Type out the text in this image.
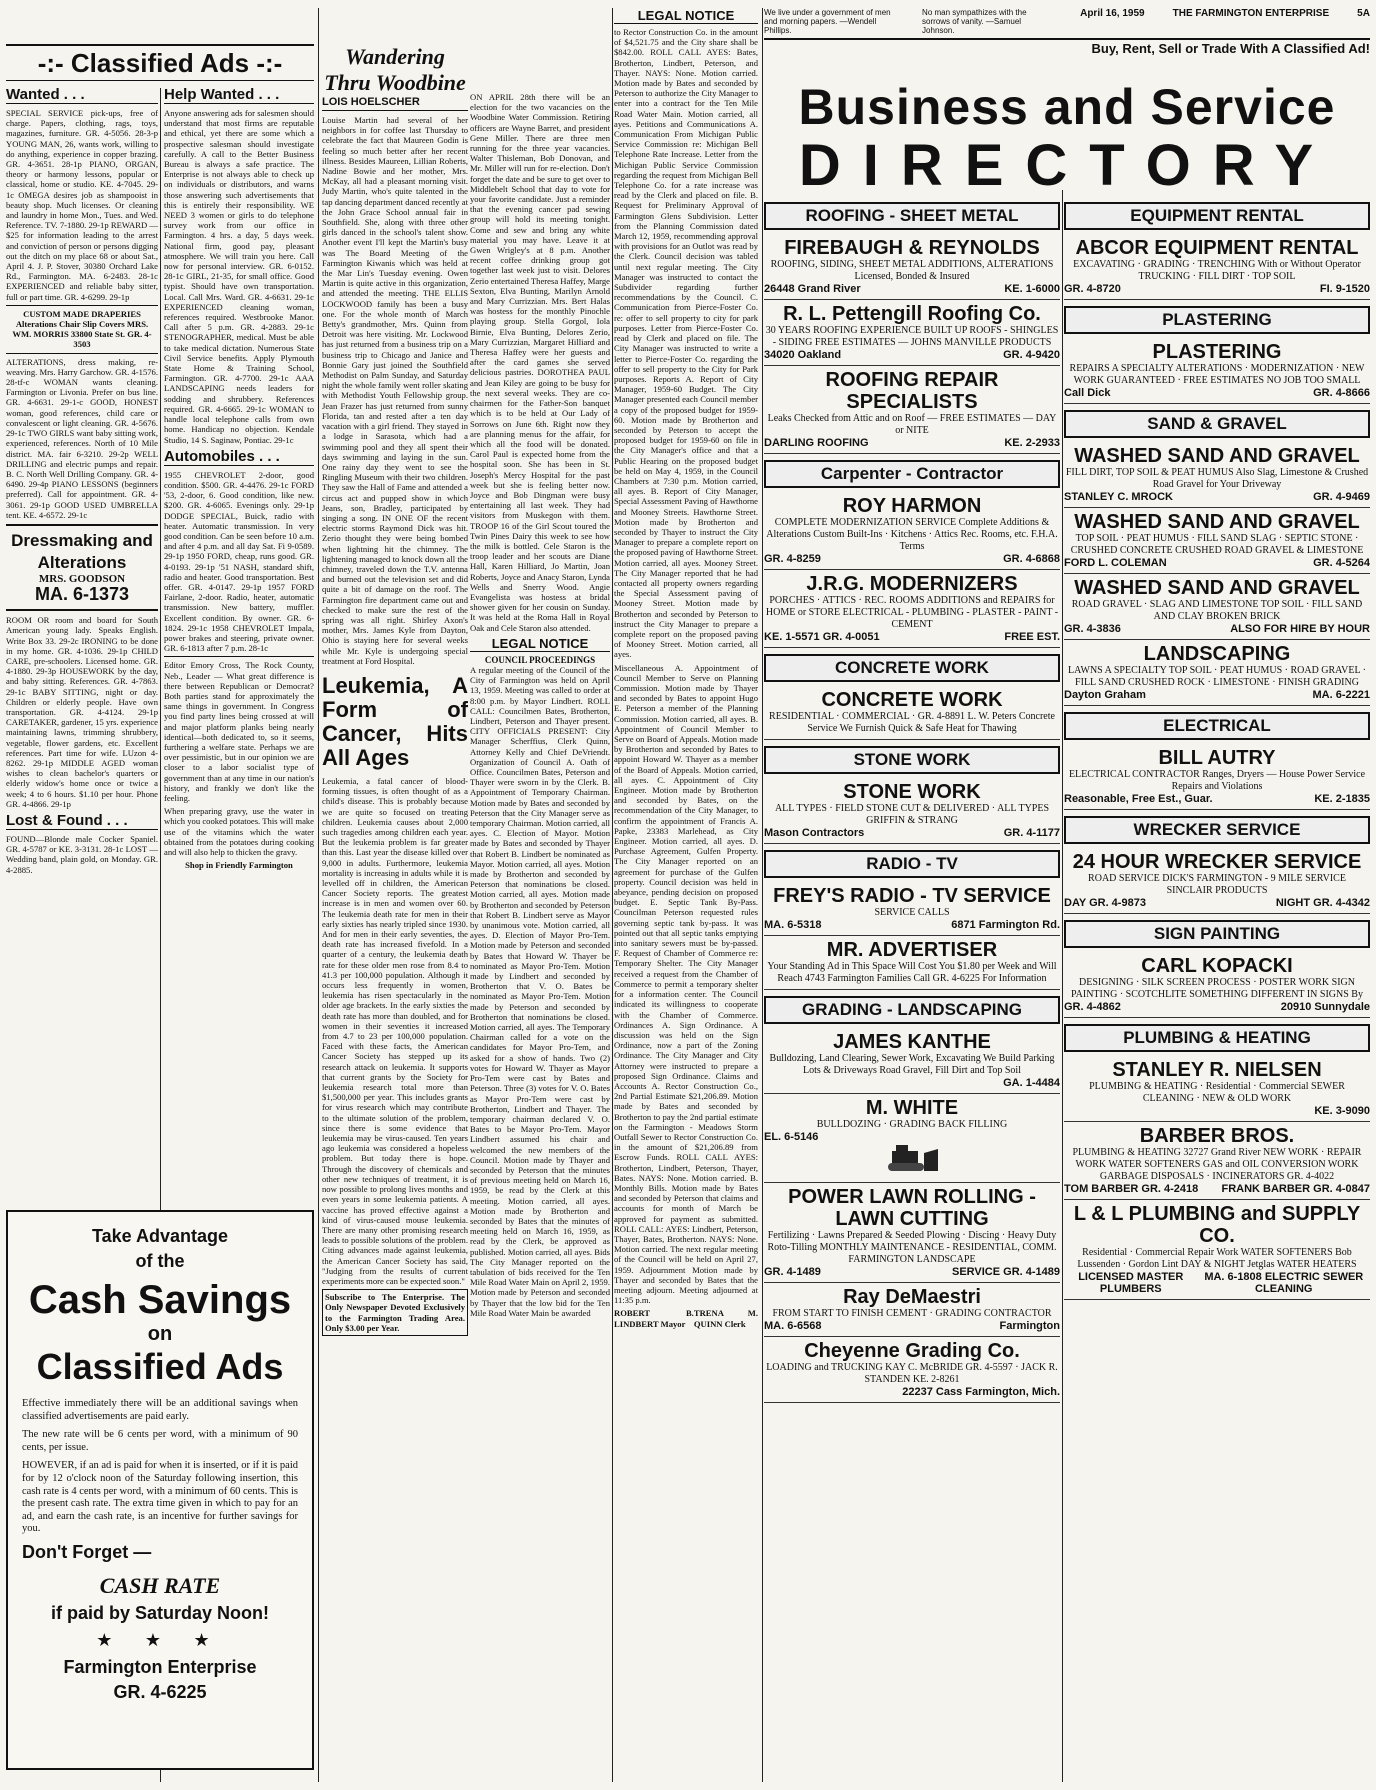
We live under a government of men and morning papers. —Wendell Phillips.
No man sympathizes with the sorrows of vanity. —Samuel Johnson.
April 16, 1959	THE FARMINGTON ENTERPRISE	5A
Buy, Rent, Sell or Trade With A Classified Ad!
-:- Classified Ads -:-
Wanted . . .

SPECIAL SERVICE pick-ups, free of charge. Papers, clothing, rags, toys, magazines, furniture. GR. 4-5056. 28-3-p YOUNG MAN, 26, wants work, willing to do anything, experience in copper brazing. GR. 4-3651. 28-1p PIANO, ORGAN, theory or harmony lessons, popular or classical, home or studio. KE. 4-7045. 29-1c OMEGA desires job as shampooist in beauty shop. Much licenses. Or cleaning and laundry in home Mon., Tues. and Wed. Reference. TV. 7-1880. 29-1p REWARD — $25 for information leading to the arrest and conviction of person or persons digging out the ditch on my place 68 or about Sat., April 4. J. P. Stover, 30380 Orchard Lake Rd., Farmington. MA. 6-2483. 28-1c EXPERIENCED and reliable baby sitter, full or part time. GR. 4-6299. 29-1p

CUSTOM MADE DRAPERIES Alterations Chair Slip Covers MRS. WM. MORRIS 33800 State St. GR. 4-3503

ALTERATIONS, dress making, re-weaving. Mrs. Harry Garchow. GR. 4-1576. 28-tf-c WOMAN wants cleaning. Farmington or Livonia. Prefer on bus line. GR. 4-6631. 29-1-c GOOD, HONEST woman, good references, child care or convalescent or light cleaning. GR. 4-5676. 29-1c TWO GIRLS want baby sitting work, experienced, references. North of 10 Mile district. MA. fair 6-3210. 29-2p WELL DRILLING and electric pumps and repair. B. C. North Well Drilling Company. GR. 4-6490. 29-4p PIANO LESSONS (beginners preferred). Call for appointment. GR. 4-3061. 29-1p GOOD USED UMBRELLA tent. KE. 4-6572. 29-1c

Dressmaking and Alterations
MRS. GOODSON
MA. 6-1373

ROOM OR room and board for South American young lady. Speaks English. Write Box 33. 29-2c IRONING to be done in my home. GR. 4-1036. 29-1p CHILD CARE, pre-schoolers. Licensed home. GR. 4-1880. 29-3p HOUSEWORK by the day, and baby sitting. References. GR. 4-7863. 29-1c BABY SITTING, night or day. Children or elderly people. Have own transportation. GR. 4-4124. 29-1p CARETAKER, gardener, 15 yrs. experience maintaining lawns, trimming shrubbery, vegetable, flower gardens, etc. Excellent references. Part time for wife. LUzon 4-8262. 29-1p MIDDLE AGED woman wishes to clean bachelor's quarters or elderly widow's home once or twice a week; 4 to 6 hours. $1.10 per hour. Phone GR. 4-4866. 29-1p

Lost & Found . . .

FOUND—Blonde male Cocker Spaniel. GR. 4-5787 or KE. 3-3131. 28-1c LOST — Wedding band, plain gold, on Monday. GR. 4-2885.

Help Wanted . . .

Anyone answering ads for salesmen should understand that most firms are reputable and ethical, yet there are some which a prospective salesman should investigate carefully. A call to the Better Business Bureau is always a safe practice. The Enterprise is not always able to check up on individuals or distributors, and warns those answering such advertisements that this is entirely their responsibility. WE NEED 3 women or girls to do telephone survey work from our office in Farmington. 4 hrs. a day, 5 days week. National firm, good pay, pleasant atmosphere. We will train you here. Call now for personal interview. GR. 6-0152. 28-1c GIRL, 21-35, for small office. Good typist. Should have own transportation. Local. Call Mrs. Ward. GR. 4-6631. 29-1c EXPERIENCED cleaning woman, references required. Westbrooke Manor. Call after 5 p.m. GR. 4-2883. 29-1c STENOGRAPHER, medical. Must be able to take medical dictation. Numerous State Civil Service benefits. Apply Plymouth State Home & Training School, Farmington. GR. 4-7700. 29-1c AAA LANDSCAPING needs leaders for sodding and shrubbery. References required. GR. 4-6665. 29-1c WOMAN to handle local telephone calls from own home. Handicap no objection. Kendale Studio, 14 S. Saginaw, Pontiac. 29-1c

Automobiles . . .

1955 CHEVROLET 2-door, good condition. $500. GR. 4-4476. 29-1c FORD '53, 2-door, 6. Good condition, like new. $200. GR. 4-6065. Evenings only. 29-1p DODGE SPECIAL, Buick, radio with heater. Automatic transmission. In very good condition. Can be seen before 10 a.m. and after 4 p.m. and all day Sat. Fi 9-0589. 29-1p 1950 FORD, cheap, runs good. GR. 4-0193. 29-1p '51 NASH, standard shift, radio and heater. Good transportation. Best offer. GR. 4-0147. 29-1p 1957 FORD Fairlane, 2-door. Radio, heater, automatic transmission. New battery, muffler. Excellent condition. By owner. GR. 6-1824. 29-1c 1958 CHEVROLET Impala, power brakes and steering, private owner. GR. 6-1813 after 7 p.m. 28-1c

Editor Emory Cross, The Rock County, Neb., Leader — What great difference is there between Republican or Democrat? Both parties stand for approximately the same things in government. In Congress you find party lines being crossed at will and major platform planks being nearly identical—both dedicated to, so it seems, furthering a welfare state. Perhaps we are over pessimistic, but in our opinion we are closer to a labor socialist type of government than at any time in our nation's history, and frankly we don't like the feeling.

When preparing gravy, use the water in which you cooked potatoes. This will make use of the vitamins which the water obtained from the potatoes during cooking and will also help to thicken the gravy.

Shop in Friendly Farmington

Take Advantage
of the
Cash Savings
on
Classified Ads

Effective immediately there will be an additional savings when classified advertisements are paid early.

The new rate will be 6 cents per word, with a minimum of 90 cents, per issue.

HOWEVER, if an ad is paid for when it is inserted, or if it is paid for by 12 o'clock noon of the Saturday following insertion, this cash rate is 4 cents per word, with a minimum of 60 cents. This is the present cash rate. The extra time given in which to pay for an ad, and earn the cash rate, is an incentive for further savings for you.

Don't Forget —
CASH RATE
if paid by Saturday Noon!
★ ★ ★
Farmington Enterprise
GR. 4-6225
Wandering Thru Woodbine
LOIS HOELSCHER

Louise Martin had several of her neighbors in for coffee last Thursday to celebrate the fact that Maureen Godin is feeling so much better after her recent illness. Besides Maureen, Lillian Roberts, Nadine Bowie and her mother, Mrs. McKay, all had a pleasant morning visit. Judy Martin, who's quite talented in the tap dancing department danced recently at the John Grace School annual fair in Southfield. She, along with three other girls danced in the school's talent show. Another event I'll kept the Martin's busy was The Board Meeting of the Farmington Kiwanis which was held at the Mar Lin's Tuesday evening. Owen Martin is quite active in this organization, and attended the meeting. THE ELLIS LOCKWOOD family has been a busy one. For the whole month of March Betty's grandmother, Mrs. Quinn from Detroit was here visiting. Mr. Lockwood has just returned from a business trip on a business trip to Chicago and Janice and Bonnie Gary just joined the Southfield Methodist on Palm Sunday, and Saturday night the whole family went roller skating with Methodist Youth Fellowship group. Jean Frazer has just returned from sunny Florida, tan and rested after a ten day vacation with a girl friend. They stayed in a lodge in Sarasota, which had a swimming pool and they all spent their days swimming and laying in the sun. One rainy day they went to see the Ringling Museum with their two children. They saw the Hall of Fame and attended a circus act and pupped show in which Jeans, son, Bradley, participated by singing a song. IN ONE OF the recent electric storms Raymond Dick was hit. Zerio thought they were being bombed when lightning hit the chimney. The lightening managed to knock down all the chimney, traveled down the T.V. antenna and burned out the television set and did quite a bit of damage on the roof. The Farmington fire department came out and checked to make sure the rest of the spring was all right. Shirley Axon's mother, Mrs. James Kyle from Dayton, Ohio is staying here for several weeks while Mr. Kyle is undergoing special treatment at Ford Hospital.

Leukemia, A Form of Cancer, Hits All Ages

Leukemia, a fatal cancer of blood-forming tissues, is often thought of as a child's disease. This is probably because we are quite so focused on treating children. Leukemia causes about 2,000 such tragedies among children each year. But the leukemia problem is far greater than this. Last year the disease killed over 9,000 in adults. Furthermore, leukemia mortality is increasing in adults while it is levelled off in children, the American Cancer Society reports. The greatest increase is in men and women over 60. The leukemia death rate for men in their early sixties has nearly tripled since 1930. And for men in their early seventies, the death rate has increased fivefold. In a quarter of a century, the leukemia death rate for these older men rose from 8.4 to 41.3 per 100,000 population. Although it occurs less frequently in women, leukemia has risen spectacularly in the older age brackets. In the early sixties the death rate has more than doubled, and for women in their seventies it increased from 4.7 to 23 per 100,000 population. Faced with these facts, the American Cancer Society has stepped up its research attack on leukemia. It supports that current grants by the Society for leukemia research total more than $1,500,000 per year. This includes grants for virus research which may contribute to the ultimate solution of the problem, since there is some evidence that leukemia may be virus-caused. Ten years ago leukemia was considered a hopeless problem. But today there is hope. Through the discovery of chemicals and other new techniques of treatment, it is now possible to prolong lives months and even years in some leukemia patients. A vaccine has proved effective against a kind of virus-caused mouse leukemia. There are many other promising research leads to possible solutions of the problem. Citing advances made against leukemia, the American Cancer Society has said, "Judging from the results of current experiments more can be expected soon."

Subscribe to The Enterprise. The Only Newspaper Devoted Exclusively to the Farmington Trading Area. Only $3.00 per Year.

ON APRIL 28th there will be an election for the two vacancies on the Woodbine Water Commission. Retiring officers are Wayne Barret, and president Gene Miller. There are three men running for the three year vacancies. Walter Thisleman, Bob Donovan, and Mr. Miller will run for re-election. Don't forget the date and be sure to get over to Middlebelt School that day to vote for your favorite candidate. Just a reminder that the evening cancer pad sewing group will hold its meeting tonight. Come and sew and bring any white material you may have. Leave it at Gwen Wrigley's at 8 p.m. Another recent coffee drinking group got together last week just to visit. Delores Zerio entertained Theresa Haffey, Marge Sexton, Elva Bunting, Marilyn Arnold and Mary Currizzian. Mrs. Bert Halas was hostess for the monthly Pinochle playing group. Stella Gorgol, Iola Birnie, Elva Bunting, Delores Zerio, Mary Currizzian, Margaret Hilliard and Theresa Haffey were her guests and after the card games she served delicious pastries. DOROTHEA PAUL and Jean Kiley are going to be busy for the next several weeks. They are co-chairmen for the Father-Son banquet which is to be held at Our Lady of Sorrows on June 6th. Right now they are planning menus for the affair, for which all the food will be donated. Carol Paul is expected home from the hospital soon. She has been in St. Joseph's Mercy Hospital for the past week but she is feeling better now. Joyce and Bob Dingman were busy entertaining all last week. They had visitors from Muskegon with them. TROOP 16 of the Girl Scout toured the Twin Pines Dairy this week to see how the milk is bottled. Cele Staron is the troop leader and her scouts are Diane Hall, Karen Hilliard, Jo Martin, Joan Roberts, Joyce and Anacy Staron, Lynda Wells and Snerry Wood. Angie Evangelista was hostess at bridal shower given for her cousin on Sunday. It was held at the Roma Hall in Royal Oak and Cele Staron also attended.

LEGAL NOTICE
COUNCIL PROCEEDINGS

A regular meeting of the Council of the City of Farmington was held on April 13, 1959. Meeting was called to order at 8:00 p.m. by Mayor Lindbert. ROLL CALL: Councilmen Bates, Brotherton, Lindbert, Peterson and Thayer present. CITY OFFICIALS PRESENT: City Manager Scherffius, Clerk Quinn, Attorney Kelly and Chief DeVriendt. Organization of Council A. Oath of Office. Councilmen Bates, Peterson and Thayer were sworn in by the Clerk. B. Appointment of Temporary Chairman. Motion made by Bates and seconded by Peterson that the City Manager serve as temporary Chairman. Motion carried, all ayes. C. Election of Mayor. Motion made by Bates and seconded by Thayer that Robert B. Lindbert be nominated as Mayor. Motion carried, all ayes. Motion made by Brotherton and seconded by Peterson that nominations be closed. Motion carried, all ayes. Motion made by Brotherton and seconded by Peterson that Robert B. Lindbert serve as Mayor by unanimous vote. Motion carried, all ayes. D. Election of Mayor Pro-Tem. Motion made by Peterson and seconded by Bates that Howard W. Thayer be nominated as Mayor Pro-Tem. Motion made by Lindbert and seconded by Brotherton that V. O. Bates be nominated as Mayor Pro-Tem. Motion made by Peterson and seconded by Brotherton that nominations be closed. Motion carried, all ayes. The Temporary Chairman called for a vote on the candidates for Mayor Pro-Tem, and asked for a show of hands. Two (2) votes for Howard W. Thayer as Mayor Pro-Tem were cast by Bates and Peterson. Three (3) votes for V. O. Bates as Mayor Pro-Tem were cast by Brotherton, Lindbert and Thayer. The temporary chairman declared V. O. Bates to be Mayor Pro-Tem. Mayor Lindbert assumed his chair and welcomed the new members of the Council. Motion made by Thayer and seconded by Peterson that the minutes of previous meeting held on March 16, 1959, be read by the Clerk at this meeting. Motion carried, all ayes. Motion made by Brotherton and seconded by Bates that the minutes of meeting held on March 16, 1959, as read by the Clerk, be approved as published. Motion carried, all ayes. Bids The City Manager reported on the tabulation of bids received for the Ten Mile Road Water Main on April 2, 1959. Motion made by Peterson and seconded by Thayer that the low bid for the Ten Mile Road Water Main be awarded

LEGAL NOTICE

to Rector Construction Co. in the amount of $4,521.75 and the City share shall be $842.00. ROLL CALL AYES: Bates, Brotherton, Lindbert, Peterson, and Thayer. NAYS: None. Motion carried. Motion made by Bates and seconded by Peterson to authorize the City Manager to enter into a contract for the Ten Mile Road Water Main. Motion carried, all ayes. Petitions and Communications A. Communication From Michigan Public Service Commission re: Michigan Bell Telephone Rate Increase. Letter from the Michigan Public Service Commission regarding the request from Michigan Bell Telephone Co. for a rate increase was read by the Clerk and placed on file. B. Request for Preliminary Approval of Farmington Glens Subdivision. Letter from the Planning Commission dated March 12, 1959, recommending approval with provisions for an Outlot was read by the Clerk. Council decision was tabled until next regular meeting. The City Manager was instructed to contact the Subdivider regarding further recommendations by the Council. C. Communication from Pierce-Foster Co. re: offer to sell property to city for park purposes. Letter from Pierce-Foster Co. read by Clerk and placed on file. The City Manager was instructed to write a letter to Pierce-Foster Co. regarding the offer to sell property to the City for Park purposes. Reports A. Report of City Manager, 1959-60 Budget. The City Manager presented each Council member a copy of the proposed budget for 1959-60. Motion made by Brotherton and seconded by Peterson to accept the proposed budget for 1959-60 on file in the City Manager's office and that a Public Hearing on the proposed budget be held on May 4, 1959, in the Council Chambers at 7:30 p.m. Motion carried, all ayes. B. Report of City Manager, Special Assessment Paving of Hawthorne and Mooney Streets. Hawthorne Street. Motion made by Brotherton and seconded by Thayer to instruct the City Manager to prepare a complete report on the proposed paving of Hawthorne Street. Motion carried, all ayes. Mooney Street. The City Manager reported that he had contacted all property owners regarding the Special Assessment paving of Mooney Street. Motion made by Brotherton and seconded by Peterson to instruct the City Manager to prepare a complete report on the proposed paving of Mooney Street. Motion carried, all ayes.

Miscellaneous A. Appointment of Council Member to Serve on Planning Commission. Motion made by Thayer and seconded by Bates to appoint Hugo E. Peterson a member of the Planning Commission. Motion carried, all ayes. B. Appointment of Council Member to Serve on Board of Appeals. Motion made by Brotherton and seconded by Bates to appoint Howard W. Thayer as a member of the Board of Appeals. Motion carried, all ayes. C. Appointment of City Engineer. Motion made by Brotherton and seconded by Bates, on the recommendation of the City Manager, to confirm the appointment of Francis A. Papke, 23383 Marlehead, as City Engineer. Motion carried, all ayes. D. Purchase Agreement, Gulfen Property. The City Manager reported on an agreement for purchase of the Gulfen property. Council decision was held in abeyance, pending decision on proposed budget. E. Septic Tank By-Pass. Councilman Peterson requested rules governing septic tank by-pass. It was pointed out that all septic tanks emptying into sanitary sewers must be by-passed. F. Request of Chamber of Commerce re: Temporary Shelter. The City Manager received a request from the Chamber of Commerce to permit a temporary shelter for a information center. The Council indicated its willingness to cooperate with the Chamber of Commerce. Ordinances A. Sign Ordinance. A discussion was held on the Sign Ordinance, now a part of the Zoning Ordinance. The City Manager and City Attorney were instructed to prepare a proposed Sign Ordinance. Claims and Accounts A. Rector Construction Co., 2nd Partial Estimate $21,206.89. Motion made by Bates and seconded by Brotherton to pay the 2nd partial estimate on the Farmington - Meadows Storm Outfall Sewer to Rector Construction Co. in the amount of $21,206.89 from Escrow Funds. ROLL CALL AYES: Brotherton, Lindbert, Peterson, Thayer, Bates. NAYS: None. Motion carried. B. Monthly Bills. Motion made by Bates and seconded by Peterson that claims and accounts for month of March be approved for payment as submitted. ROLL CALL: AYES: Lindbert, Peterson, Thayer, Bates, Brotherton. NAYS: None. Motion carried. The next regular meeting of the Council will be held on April 27, 1959. Adjournment Motion made by Thayer and seconded by Bates that the meeting adjourn. Meeting adjourned at 11:35 p.m.

ROBERT B. LINDBERT Mayor
TRENA M. QUINN Clerk
Business and Service
DIRECTORY
ROOFING - SHEET METAL
FIREBAUGH & REYNOLDS
ROOFING, SIDING, SHEET METAL ADDITIONS, ALTERATIONS Licensed, Bonded & Insured
26448 Grand River	KE. 1-6000
R. L. Pettengill Roofing Co.
30 YEARS ROOFING EXPERIENCE BUILT UP ROOFS - SHINGLES - SIDING FREE ESTIMATES — JOHNS MANVILLE PRODUCTS
34020 Oakland	GR. 4-9420
ROOFING REPAIR SPECIALISTS
Leaks Checked from Attic and on Roof — FREE ESTIMATES — DAY or NITE
DARLING ROOFING	KE. 2-2933
Carpenter - Contractor
ROY HARMON
COMPLETE MODERNIZATION SERVICE Complete Additions & Alterations Custom Built-Ins · Kitchens · Attics Rec. Rooms, etc. F.H.A. Terms
GR. 4-8259	GR. 4-6868
J.R.G. MODERNIZERS
PORCHES · ATTICS · REC. ROOMS ADDITIONS and REPAIRS for HOME or STORE ELECTRICAL - PLUMBING - PLASTER - PAINT - CEMENT
KE. 1-5571 GR. 4-0051	FREE EST.
CONCRETE WORK
CONCRETE WORK
RESIDENTIAL · COMMERCIAL · GR. 4-8891 L. W. Peters Concrete Service We Furnish Quick & Safe Heat for Thawing
STONE WORK
STONE WORK
ALL TYPES · FIELD STONE CUT & DELIVERED · ALL TYPES GRIFFIN & STRANG
Mason Contractors	GR. 4-1177
RADIO - TV
FREY'S RADIO - TV SERVICE
SERVICE CALLS
MA. 6-5318	6871 Farmington Rd.
MR. ADVERTISER
Your Standing Ad in This Space Will Cost You $1.80 per Week and Will Reach 4743 Farmington Families Call GR. 4-6225 For Information
GRADING - LANDSCAPING
JAMES KANTHE
Bulldozing, Land Clearing, Sewer Work, Excavating We Build Parking Lots & Driveways Road Gravel, Fill Dirt and Top Soil
GA. 1-4484
M. WHITE
BULLDOZING · GRADING BACK FILLING
EL. 6-5146
POWER LAWN ROLLING - LAWN CUTTING
Fertilizing · Lawns Prepared & Seeded Plowing · Discing · Heavy Duty Roto-Tilling MONTHLY MAINTENANCE - RESIDENTIAL, COMM. FARMINGTON LANDSCAPE
GR. 4-1489	SERVICE GR. 4-1489
Ray DeMaestri
FROM START TO FINISH CEMENT · GRADING CONTRACTOR
MA. 6-6568	Farmington
Cheyenne Grading Co.
LOADING and TRUCKING KAY C. McBRIDE GR. 4-5597 · JACK R. STANDEN KE. 2-8261
22237 Cass Farmington, Mich.
EQUIPMENT RENTAL
ABCOR EQUIPMENT RENTAL
EXCAVATING · GRADING · TRENCHING With or Without Operator TRUCKING · FILL DIRT · TOP SOIL
GR. 4-8720	FI. 9-1520
PLASTERING
PLASTERING
REPAIRS A SPECIALTY ALTERATIONS · MODERNIZATION · NEW WORK GUARANTEED · FREE ESTIMATES NO JOB TOO SMALL
Call Dick	GR. 4-8666
SAND & GRAVEL
WASHED SAND AND GRAVEL
FILL DIRT, TOP SOIL & PEAT HUMUS Also Slag, Limestone & Crushed Road Gravel for Your Driveway
STANLEY C. MROCK	GR. 4-9469
WASHED SAND AND GRAVEL
TOP SOIL · PEAT HUMUS · FILL SAND SLAG · SEPTIC STONE · CRUSHED CONCRETE CRUSHED ROAD GRAVEL & LIMESTONE
FORD L. COLEMAN	GR. 4-5264
WASHED SAND AND GRAVEL
ROAD GRAVEL · SLAG AND LIMESTONE TOP SOIL · FILL SAND AND CLAY BROKEN BRICK
GR. 4-3836	ALSO FOR HIRE BY HOUR
LANDSCAPING
LAWNS A SPECIALTY TOP SOIL · PEAT HUMUS · ROAD GRAVEL · FILL SAND CRUSHED ROCK · LIMESTONE · FINISH GRADING
Dayton Graham	MA. 6-2221
ELECTRICAL
BILL AUTRY
ELECTRICAL CONTRACTOR Ranges, Dryers — House Power Service Repairs and Violations
Reasonable, Free Est., Guar.	KE. 2-1835
WRECKER SERVICE
24 HOUR WRECKER SERVICE
ROAD SERVICE DICK'S FARMINGTON - 9 MILE SERVICE SINCLAIR PRODUCTS
DAY GR. 4-9873	NIGHT GR. 4-4342
SIGN PAINTING
CARL KOPACKI
DESIGNING · SILK SCREEN PROCESS · POSTER WORK SIGN PAINTING · SCOTCHLITE SOMETHING DIFFERENT IN SIGNS By
GR. 4-4862	20910 Sunnydale
PLUMBING & HEATING
STANLEY R. NIELSEN
PLUMBING & HEATING · Residential · Commercial SEWER CLEANING · NEW & OLD WORK
KE. 3-9090
BARBER BROS.
PLUMBING & HEATING 32727 Grand River NEW WORK · REPAIR WORK WATER SOFTENERS GAS and OIL CONVERSION WORK GARBAGE DISPOSALS · INCINERATORS GR. 4-4022
TOM BARBER GR. 4-2418 FRANK BARBER GR. 4-0847
L & L PLUMBING and SUPPLY CO.
Residential · Commercial Repair Work WATER SOFTENERS Bob Lussenden · Gordon Lint DAY & NIGHT Jetglas WATER HEATERS
LICENSED MASTER PLUMBERS
MA. 6-1808 ELECTRIC SEWER CLEANING
